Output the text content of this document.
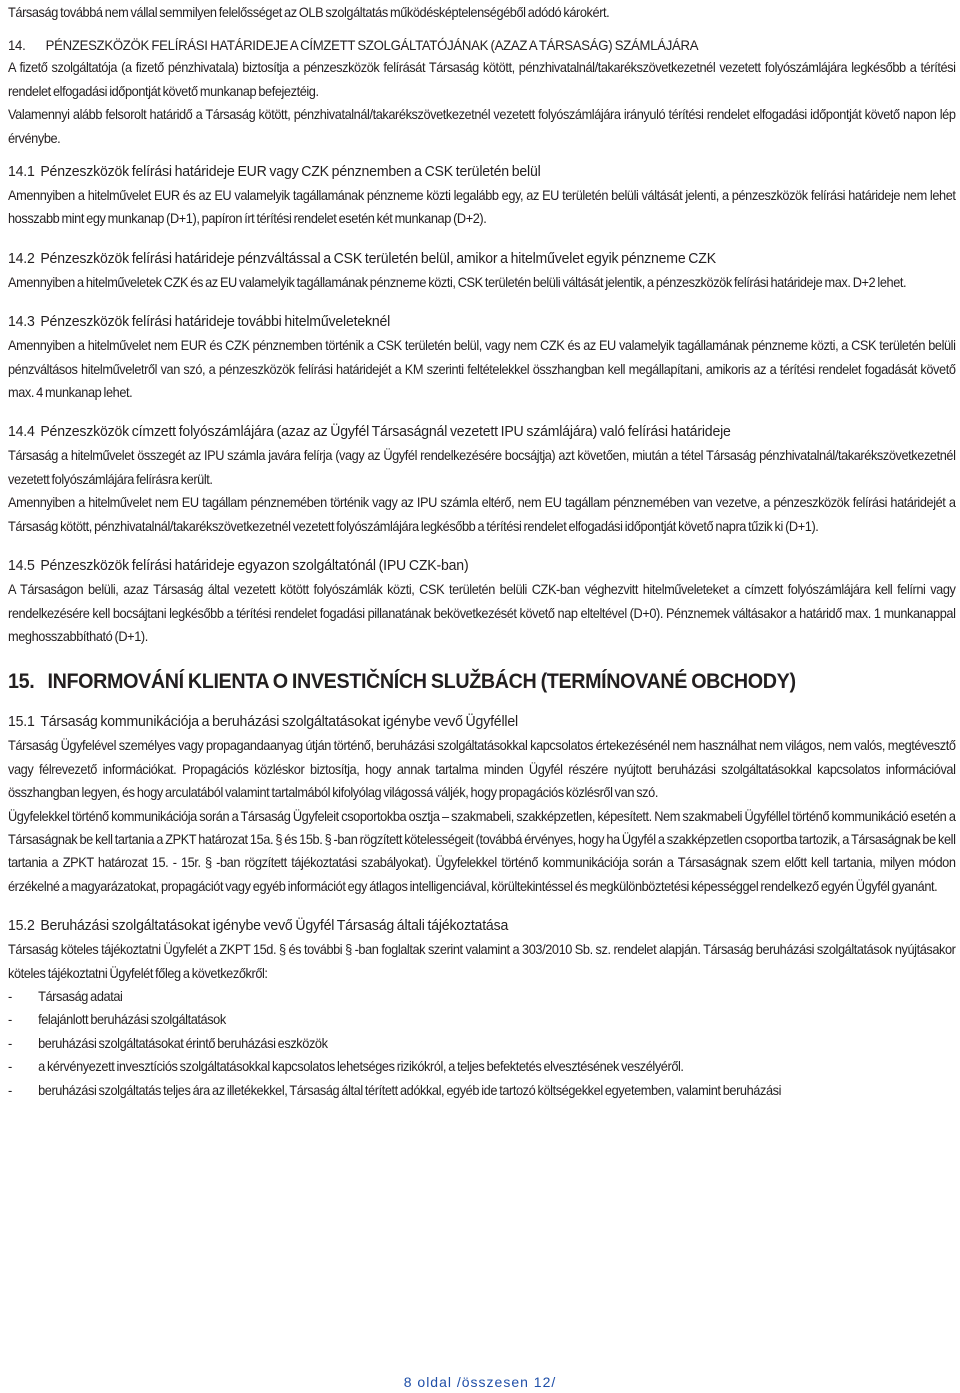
Társaság továbbá nem vállal semmilyen felelősséget az OLB szolgáltatás működésképtelenségéből adódó károkért.

14. PÉNZESZKÖZÖK FELÍRÁSI HATÁRIDEJE A CÍMZETT SZOLGÁLTATÓJÁNAK (AZAZ A TÁRSASÁG) SZÁMLÁJÁRA

A fizető szolgáltatója (a fizető pénzhivatala) biztosítja a pénzeszközök felírását Társaság kötött, pénzhivatalnál/takarékszövetkezetnél vezetett folyószámlájára legkésőbb a térítési rendelet elfogadási időpontját követő munkanap befejeztéig.

Valamennyi alább felsorolt határidő a Társaság kötött, pénzhivatalnál/takarékszövetkezetnél vezetett folyószámlájára irányuló térítési rendelet elfogadási időpontját követő napon lép érvénybe.

14.1 Pénzeszközök felírási határideje EUR vagy CZK pénznemben a CSK területén belül

Amennyiben a hitelművelet EUR és az EU valamelyik tagállamának pénzneme közti legalább egy, az EU területén belüli váltását jelenti, a pénzeszközök felírási határideje nem lehet hosszabb mint egy munkanap (D+1), papíron írt térítési rendelet esetén két munkanap (D+2).

14.2 Pénzeszközök felírási határideje pénzváltással a CSK területén belül, amikor a hitelművelet egyik pénzneme CZK

Amennyiben a hitelműveletek CZK és az EU valamelyik tagállamának pénzneme közti, CSK területén belüli váltását jelentik, a pénzeszközök felírási határideje max. D+2 lehet.

14.3 Pénzeszközök felírási határideje további hitelműveleteknél

Amennyiben a hitelművelet nem EUR és CZK pénznemben történik a CSK területén belül, vagy nem CZK és az EU valamelyik tagállamának pénzneme közti, a CSK területén belüli pénzváltásos hitelműveletről van szó, a pénzeszközök felírási határidejét a KM szerinti feltételekkel összhangban kell megállapítani, amikoris az a térítési rendelet fogadását követő max. 4 munkanap lehet.

14.4 Pénzeszközök címzett folyószámlájára (azaz az Ügyfél Társaságnál vezetett IPU számlájára) való felírási határideje

Társaság a hitelművelet összegét az IPU számla javára felírja (vagy az Ügyfél rendelkezésére bocsájtja) azt követően, miután a tétel Társaság pénzhivatalnál/takarékszövetkezetnél vezetett folyószámlájára felírásra került.

Amennyiben a hitelművelet nem EU tagállam pénznemében történik vagy az IPU számla eltérő, nem EU tagállam pénznemében van vezetve, a pénzeszközök felírási határidejét a Társaság kötött, pénzhivatalnál/takarékszövetkezetnél vezetett folyószámlájára legkésőbb a térítési rendelet elfogadási időpontját követő napra tűzik ki (D+1).

14.5 Pénzeszközök felírási határideje egyazon szolgáltatónál (IPU CZK-ban)

A Társaságon belüli, azaz Társaság által vezetett kötött folyószámlák közti, CSK területén belüli CZK-ban véghezvitt hitelműveleteket a címzett folyószámlájára kell felírni vagy rendelkezésére kell bocsájtani legkésőbb a térítési rendelet fogadási pillanatának bekövetkezését követő nap elteltével (D+0). Pénznemek váltásakor a határidő max. 1 munkanappal meghosszabbítható (D+1).

15. INFORMOVÁNÍ KLIENTA O INVESTIČNÍCH SLUŽBÁCH (TERMÍNOVANÉ OBCHODY)
15.1 Társaság kommunikációja a beruházási szolgáltatásokat igénybe vevő Ügyféllel

Társaság Ügyfelével személyes vagy propagandaanyag útján történő, beruházási szolgáltatásokkal kapcsolatos értekezésénél nem használhat nem világos, nem valós, megtévesztő vagy félrevezető információkat. Propagációs közléskor biztosítja, hogy annak tartalma minden Ügyfél részére nyújtott beruházási szolgáltatásokkal kapcsolatos információval összhangban legyen, és hogy arculatából valamint tartalmából kifolyólag világossá váljék, hogy propagációs közlésről van szó.

Ügyfelekkel történő kommunikációja során a Társaság Ügyfeleit csoportokba osztja – szakmabeli, szakképzetlen, képesített. Nem szakmabeli Ügyféllel történő kommunikáció esetén a Társaságnak be kell tartania a ZPKT határozat 15a. § és 15b. § -ban rögzített kötelességeit (továbbá érvényes, hogy ha Ügyfél a szakképzetlen csoportba tartozik, a Társaságnak be kell tartania a ZPKT határozat 15. - 15r. § -ban rögzített tájékoztatási szabályokat). Ügyfelekkel történő kommunikációja során a Társaságnak szem előtt kell tartania, milyen módon érzékelné a magyarázatokat, propagációt vagy egyéb információt egy átlagos intelligenciával, körültekintéssel és megkülönböztetési képességgel rendelkező egyén Ügyfél gyanánt.

15.2 Beruházási szolgáltatásokat igénybe vevő Ügyfél Társaság általi tájékoztatása

Társaság köteles tájékoztatni Ügyfelét a ZKPT 15d. § és további § -ban foglaltak szerint valamint a 303/2010 Sb. sz. rendelet alapján. Társaság beruházási szolgáltatások nyújtásakor köteles tájékoztatni Ügyfelét főleg a következőkről:

- Társaság adatai
- felajánlott beruházási szolgáltatások
- beruházási szolgáltatásokat érintő beruházási eszközök
- a kérvényezett invesztíciós szolgáltatásokkal kapcsolatos lehetséges rizikókról, a teljes befektetés elvesztésének veszélyéről.
- beruházási szolgáltatás teljes ára az illetékekkel, Társaság által térített adókkal, egyéb ide tartozó költségekkel egyetemben, valamint beruházási
8 oldal /összesen 12/
